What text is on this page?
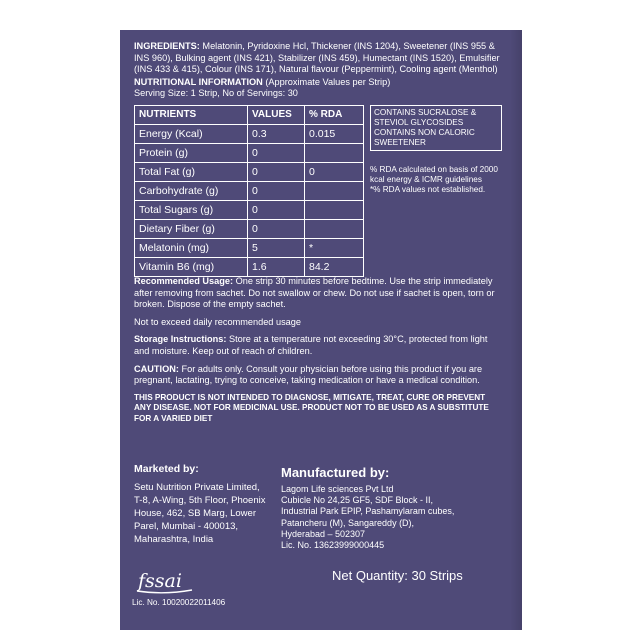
INGREDIENTS: Melatonin, Pyridoxine Hcl, Thickener (INS 1204), Sweetener (INS 955 & INS 960), Bulking agent (INS 421), Stabilizer (INS 459), Humectant (INS 1520), Emulsifier (INS 433 & 415), Colour (INS 171), Natural flavour (Peppermint), Cooling agent (Menthol)

NUTRITIONAL INFORMATION (Approximate Values per Strip)

Serving Size: 1 Strip, No of Servings: 30

NUTRIENTS	VALUES	% RDA
Energy (Kcal)	0.3	0.015
Protein (g)	0	
Total Fat (g)	0	0
Carbohydrate (g)	0	
Total Sugars (g)	0	
Dietary Fiber (g)	0	
Melatonin (mg)	5	*
Vitamin B6 (mg)	1.6	84.2
CONTAINS SUCRALOSE & STEVIOL GLYCOSIDES CONTAINS NON CALORIC SWEETENER
% RDA calculated on basis of 2000 kcal energy & ICMR guidelines
*% RDA values not established.

Recommended Usage: One strip 30 minutes before bedtime. Use the strip immediately after removing from sachet. Do not swallow or chew. Do not use if sachet is open, torn or broken. Dispose of the empty sachet.

Not to exceed daily recommended usage

Storage Instructions: Store at a temperature not exceeding 30°C, protected from light and moisture. Keep out of reach of children.

CAUTION: For adults only. Consult your physician before using this product if you are pregnant, lactating, trying to conceive, taking medication or have a medical condition.

THIS PRODUCT IS NOT INTENDED TO DIAGNOSE, MITIGATE, TREAT, CURE OR PREVENT ANY DISEASE. NOT FOR MEDICINAL USE. PRODUCT NOT TO BE USED AS A SUBSTITUTE FOR A VARIED DIET

Marketed by:
Setu Nutrition Private Limited,
T-8, A-Wing, 5th Floor, Phoenix
House, 462, SB Marg, Lower
Parel, Mumbai - 400013,
Maharashtra, India
Manufactured by:
Lagom Life sciences Pvt Ltd
Cubicle No 24,25 GF5, SDF Block - II,
Industrial Park EPIP, Pashamylaram cubes,
Patancheru (M), Sangareddy (D),
Hyderabad – 502307
Lic. No. 13623999000445
fssai
Lic. No. 10020022011406
Net Quantity: 30 Strips
